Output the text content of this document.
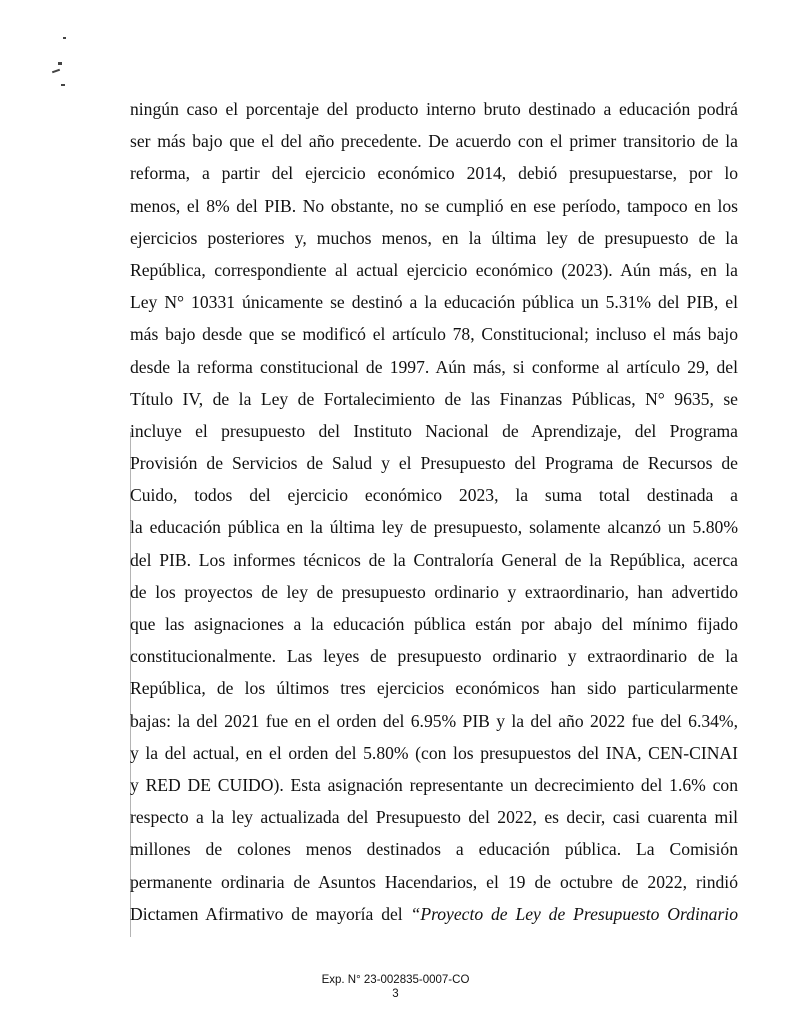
ningún caso el porcentaje del producto interno bruto destinado a educación podrá
ser más bajo que el del año precedente. De acuerdo con el primer transitorio de la
reforma, a partir del ejercicio económico 2014, debió presupuestarse, por lo
menos, el 8% del PIB. No obstante, no se cumplió en ese período, tampoco en los
ejercicios posteriores y, muchos menos, en la última ley de presupuesto de la
República, correspondiente al actual ejercicio económico (2023). Aún más, en la
Ley N° 10331 únicamente se destinó a la educación pública un 5.31% del PIB, el
más bajo desde que se modificó el artículo 78, Constitucional; incluso el más bajo
desde la reforma constitucional de 1997. Aún más, si conforme al artículo 29, del
Título IV, de la Ley de Fortalecimiento de las Finanzas Públicas, N° 9635, se
incluye el presupuesto del Instituto Nacional de Aprendizaje, del Programa
Provisión de Servicios de Salud y el Presupuesto del Programa de Recursos de
Cuido, todos del ejercicio económico 2023, la suma total destinada a
la educación pública en la última ley de presupuesto, solamente alcanzó un 5.80%
del PIB. Los informes técnicos de la Contraloría General de la República, acerca
de los proyectos de ley de presupuesto ordinario y extraordinario, han advertido
que las asignaciones a la educación pública están por abajo del mínimo fijado
constitucionalmente. Las leyes de presupuesto ordinario y extraordinario de la
República, de los últimos tres ejercicios económicos han sido particularmente
bajas: la del 2021 fue en el orden del 6.95% PIB y la del año 2022 fue del 6.34%,
y la del actual, en el orden del 5.80% (con los presupuestos del INA, CEN-CINAI
y RED DE CUIDO). Esta asignación representante un decrecimiento del 1.6% con
respecto a la ley actualizada del Presupuesto del 2022, es decir, casi cuarenta mil
millones de colones menos destinados a educación pública. La Comisión
permanente ordinaria de Asuntos Hacendarios, el 19 de octubre de 2022, rindió
Dictamen Afirmativo de mayoría del “Proyecto de Ley de Presupuesto Ordinario
Exp. N° 23-002835-0007-CO
3
